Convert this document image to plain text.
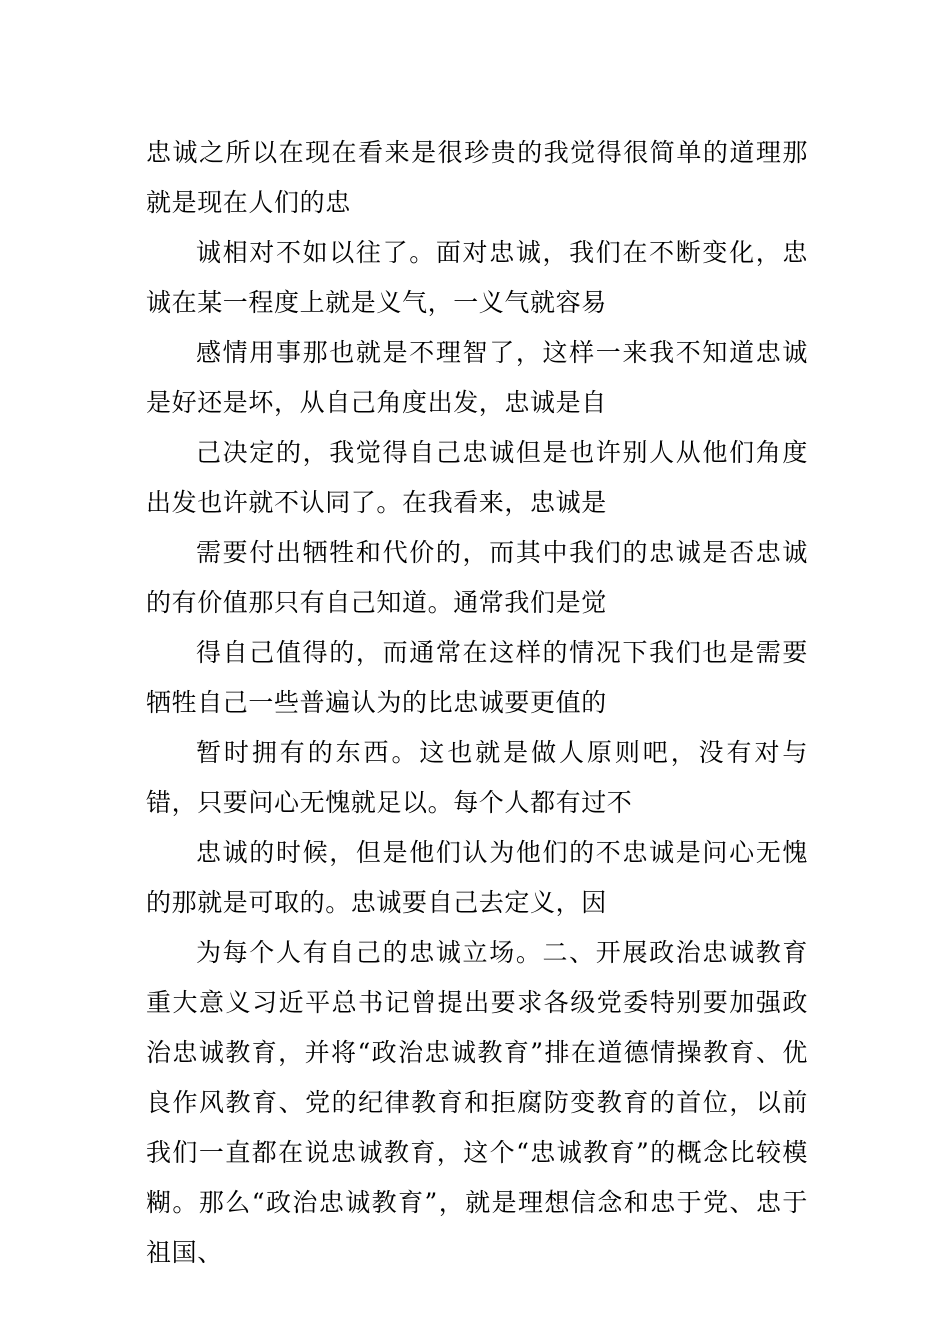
忠诚之所以在现在看来是很珍贵的我觉得很简单的道理那就是现在人们的忠

诚相对不如以往了。面对忠诚，我们在不断变化，忠诚在某一程度上就是义气，一义气就容易

感情用事那也就是不理智了，这样一来我不知道忠诚是好还是坏，从自己角度出发，忠诚是自

己决定的，我觉得自己忠诚但是也许别人从他们角度出发也许就不认同了。在我看来，忠诚是

需要付出牺牲和代价的，而其中我们的忠诚是否忠诚的有价值那只有自己知道。通常我们是觉

得自己值得的，而通常在这样的情况下我们也是需要牺牲自己一些普遍认为的比忠诚要更值的

暂时拥有的东西。这也就是做人原则吧，没有对与错，只要问心无愧就足以。每个人都有过不

忠诚的时候，但是他们认为他们的不忠诚是问心无愧的那就是可取的。忠诚要自己去定义，因

为每个人有自己的忠诚立场。二、开展政治忠诚教育重大意义习近平总书记曾提出要求各级党委特别要加强政治忠诚教育，并将“政治忠诚教育”排在道德情操教育、优良作风教育、党的纪律教育和拒腐防变教育的首位，以前我们一直都在说忠诚教育，这个“忠诚教育”的概念比较模糊。那么“政治忠诚教育”，就是理想信念和忠于党、忠于祖国、
